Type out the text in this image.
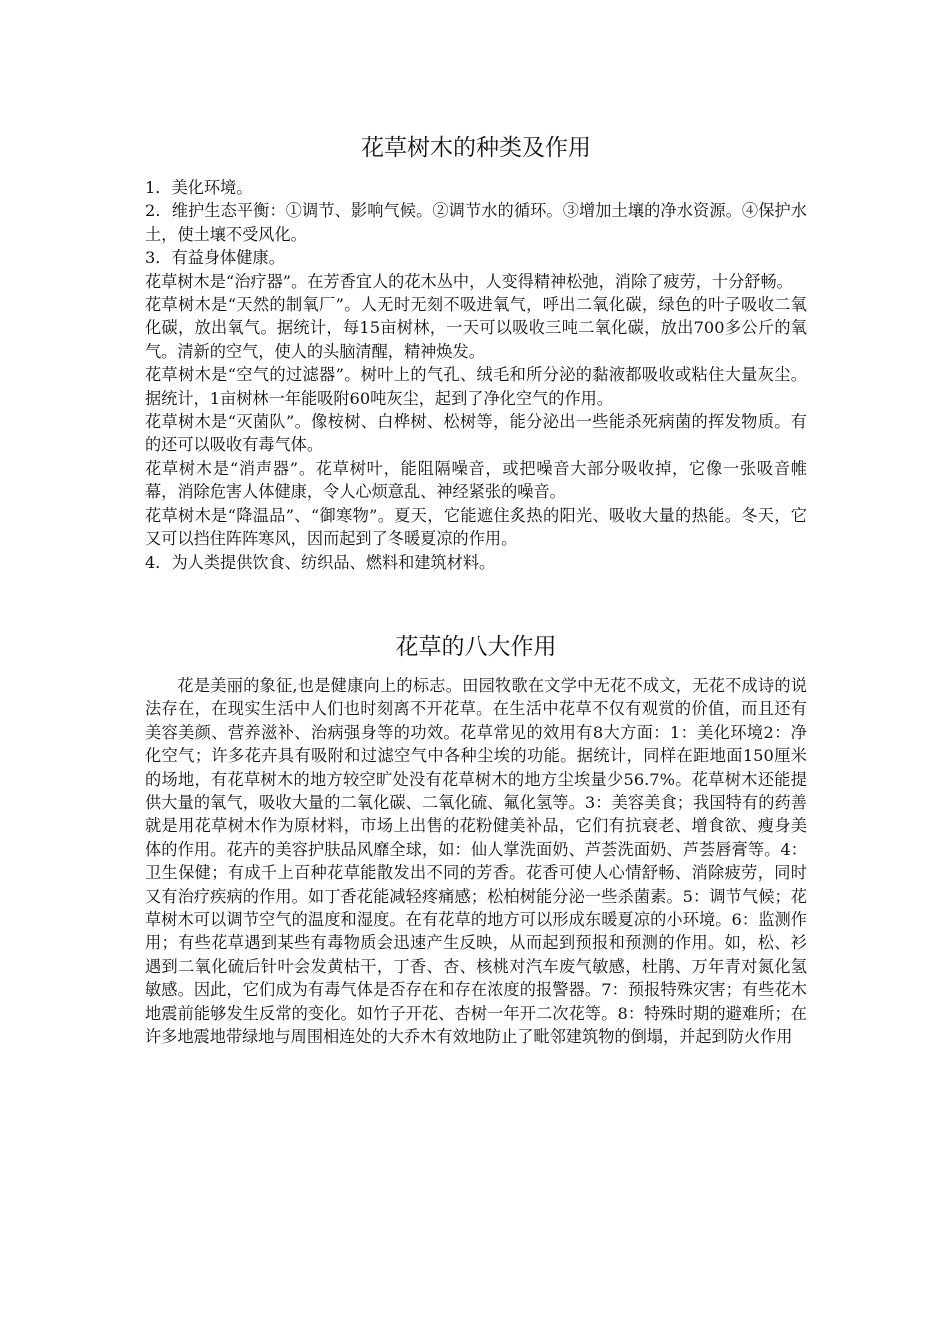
花草树木的种类及作用

1．美化环境。

2．维护生态平衡：①调节、影响气候。②调节水的循环。③增加土壤的净水资源。④保护水土，使土壤不受风化。

3．有益身体健康。

花草树木是“治疗器”。在芳香宜人的花木丛中，人变得精神松弛，消除了疲劳，十分舒畅。

花草树木是“天然的制氧厂”。人无时无刻不吸进氧气，呼出二氧化碳，绿色的叶子吸收二氧化碳，放出氧气。据统计，每15亩树林，一天可以吸收三吨二氧化碳，放出700多公斤的氧气。清新的空气，使人的头脑清醒，精神焕发。

花草树木是“空气的过滤器”。树叶上的气孔、绒毛和所分泌的黏液都吸收或粘住大量灰尘。据统计，1亩树林一年能吸附60吨灰尘，起到了净化空气的作用。

花草树木是“灭菌队”。像桉树、白桦树、松树等，能分泌出一些能杀死病菌的挥发物质。有的还可以吸收有毒气体。

花草树木是“消声器”。花草树叶，能阻隔噪音，或把噪音大部分吸收掉，它像一张吸音帷幕，消除危害人体健康，令人心烦意乱、神经紧张的噪音。

花草树木是“降温品”、“御寒物”。夏天，它能遮住炙热的阳光、吸收大量的热能。冬天，它又可以挡住阵阵寒风，因而起到了冬暖夏凉的作用。

4．为人类提供饮食、纺织品、燃料和建筑材料。

花草的八大作用

花是美丽的象征,也是健康向上的标志。田园牧歌在文学中无花不成文，无花不成诗的说法存在，在现实生活中人们也时刻离不开花草。在生活中花草不仅有观赏的价值，而且还有美容美颜、营养滋补、治病强身等的功效。花草常见的效用有8大方面：1：美化环境2：净化空气；许多花卉具有吸附和过滤空气中各种尘埃的功能。据统计，同样在距地面150厘米的场地，有花草树木的地方较空旷处没有花草树木的地方尘埃量少56.7%。花草树木还能提供大量的氧气，吸收大量的二氧化碳、二氧化硫、氟化氢等。3：美容美食；我国特有的药善就是用花草树木作为原材料，市场上出售的花粉健美补品，它们有抗衰老、增食欲、瘦身美体的作用。花卉的美容护肤品风靡全球，如：仙人掌洗面奶、芦荟洗面奶、芦荟唇膏等。4：卫生保健；有成千上百种花草能散发出不同的芳香。花香可使人心情舒畅、消除疲劳，同时又有治疗疾病的作用。如丁香花能减轻疼痛感；松柏树能分泌一些杀菌素。5：调节气候；花草树木可以调节空气的温度和湿度。在有花草的地方可以形成东暖夏凉的小环境。6：监测作用；有些花草遇到某些有毒物质会迅速产生反映，从而起到预报和预测的作用。如，松、衫遇到二氧化硫后针叶会发黄枯干，丁香、杏、核桃对汽车废气敏感，杜鹃、万年青对氮化氢敏感。因此，它们成为有毒气体是否存在和存在浓度的报警器。7：预报特殊灾害；有些花木地震前能够发生反常的变化。如竹子开花、杏树一年开二次花等。8：特殊时期的避难所；在许多地震地带绿地与周围相连处的大乔木有效地防止了毗邻建筑物的倒塌，并起到防火作用
